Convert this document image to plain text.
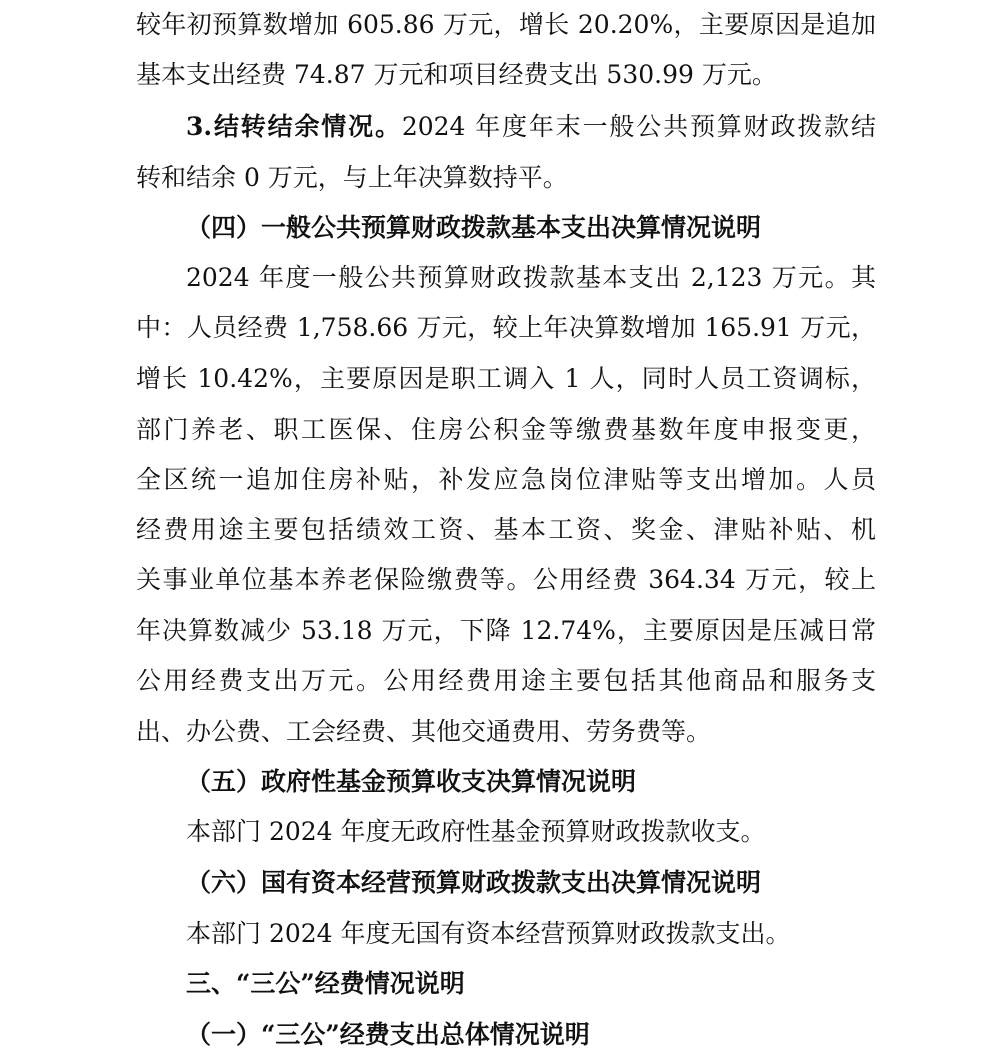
较年初预算数增加 605.86 万元，增长 20.20%，主要原因是追加
基本支出经费 74.87 万元和项目经费支出 530.99 万元。
3.结转结余情况。2024 年度年末一般公共预算财政拨款结
转和结余 0 万元，与上年决算数持平。
（四）一般公共预算财政拨款基本支出决算情况说明
2024 年度一般公共预算财政拨款基本支出 2,123 万元。其
中：人员经费 1,758.66 万元，较上年决算数增加 165.91 万元，
增长 10.42%，主要原因是职工调入 1 人，同时人员工资调标，
部门养老、职工医保、住房公积金等缴费基数年度申报变更，
全区统一追加住房补贴，补发应急岗位津贴等支出增加。人员
经费用途主要包括绩效工资、基本工资、奖金、津贴补贴、机
关事业单位基本养老保险缴费等。公用经费 364.34 万元，较上
年决算数减少 53.18 万元，下降 12.74%，主要原因是压减日常
公用经费支出万元。公用经费用途主要包括其他商品和服务支
出、办公费、工会经费、其他交通费用、劳务费等。
（五）政府性基金预算收支决算情况说明
本部门 2024 年度无政府性基金预算财政拨款收支。
（六）国有资本经营预算财政拨款支出决算情况说明
本部门 2024 年度无国有资本经营预算财政拨款支出。
三、“三公”经费情况说明
（一）“三公”经费支出总体情况说明
